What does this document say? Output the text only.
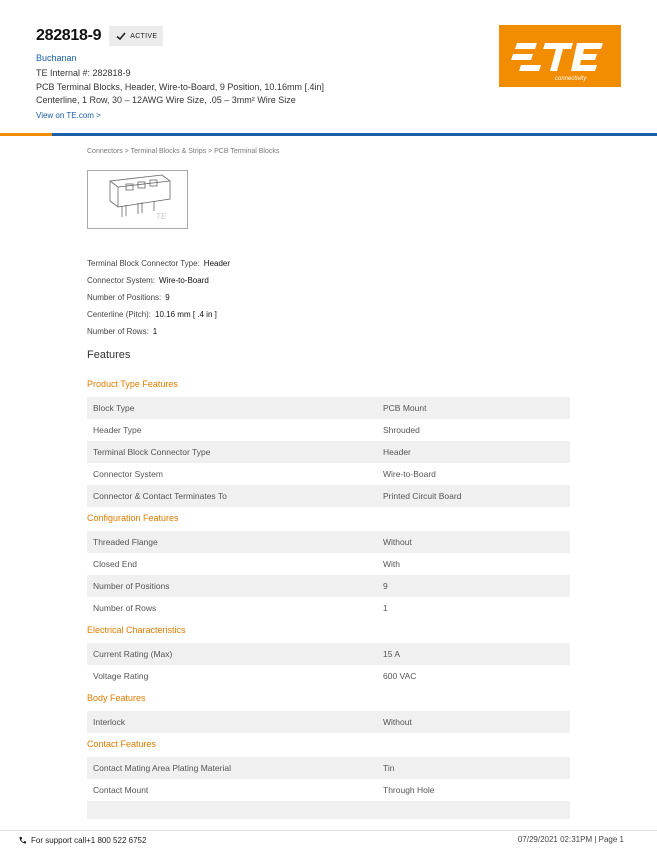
282818-9	ACTIVE
Buchanan
TE Internal #: 282818-9
PCB Terminal Blocks, Header, Wire-to-Board, 9 Position, 10.16mm [.4in] Centerline, 1 Row, 30 – 12AWG Wire Size, .05 – 3mm² Wire Size
View on TE.com >
connectivity
Connectors > Terminal Blocks & Strips > PCB Terminal Blocks
TE
Terminal Block Connector Type: Header
Connector System: Wire-to-Board
Number of Positions: 9
Centerline (Pitch): 10.16 mm [ .4 in ]
Number of Rows: 1
Features
Product Type Features
Block Type	PCB Mount
Header Type	Shrouded
Terminal Block Connector Type	Header
Connector System	Wire-to-Board
Connector & Contact Terminates To	Printed Circuit Board
Configuration Features
Threaded Flange	Without
Closed End	With
Number of Positions	9
Number of Rows	1
Electrical Characteristics
Current Rating (Max)	15 A
Voltage Rating	600 VAC
Body Features
Interlock	Without
Contact Features
Contact Mating Area Plating Material	Tin
Contact Mount	Through Hole
For support call+1 800 522 6752	07/29/2021 02:31PM | Page 1
